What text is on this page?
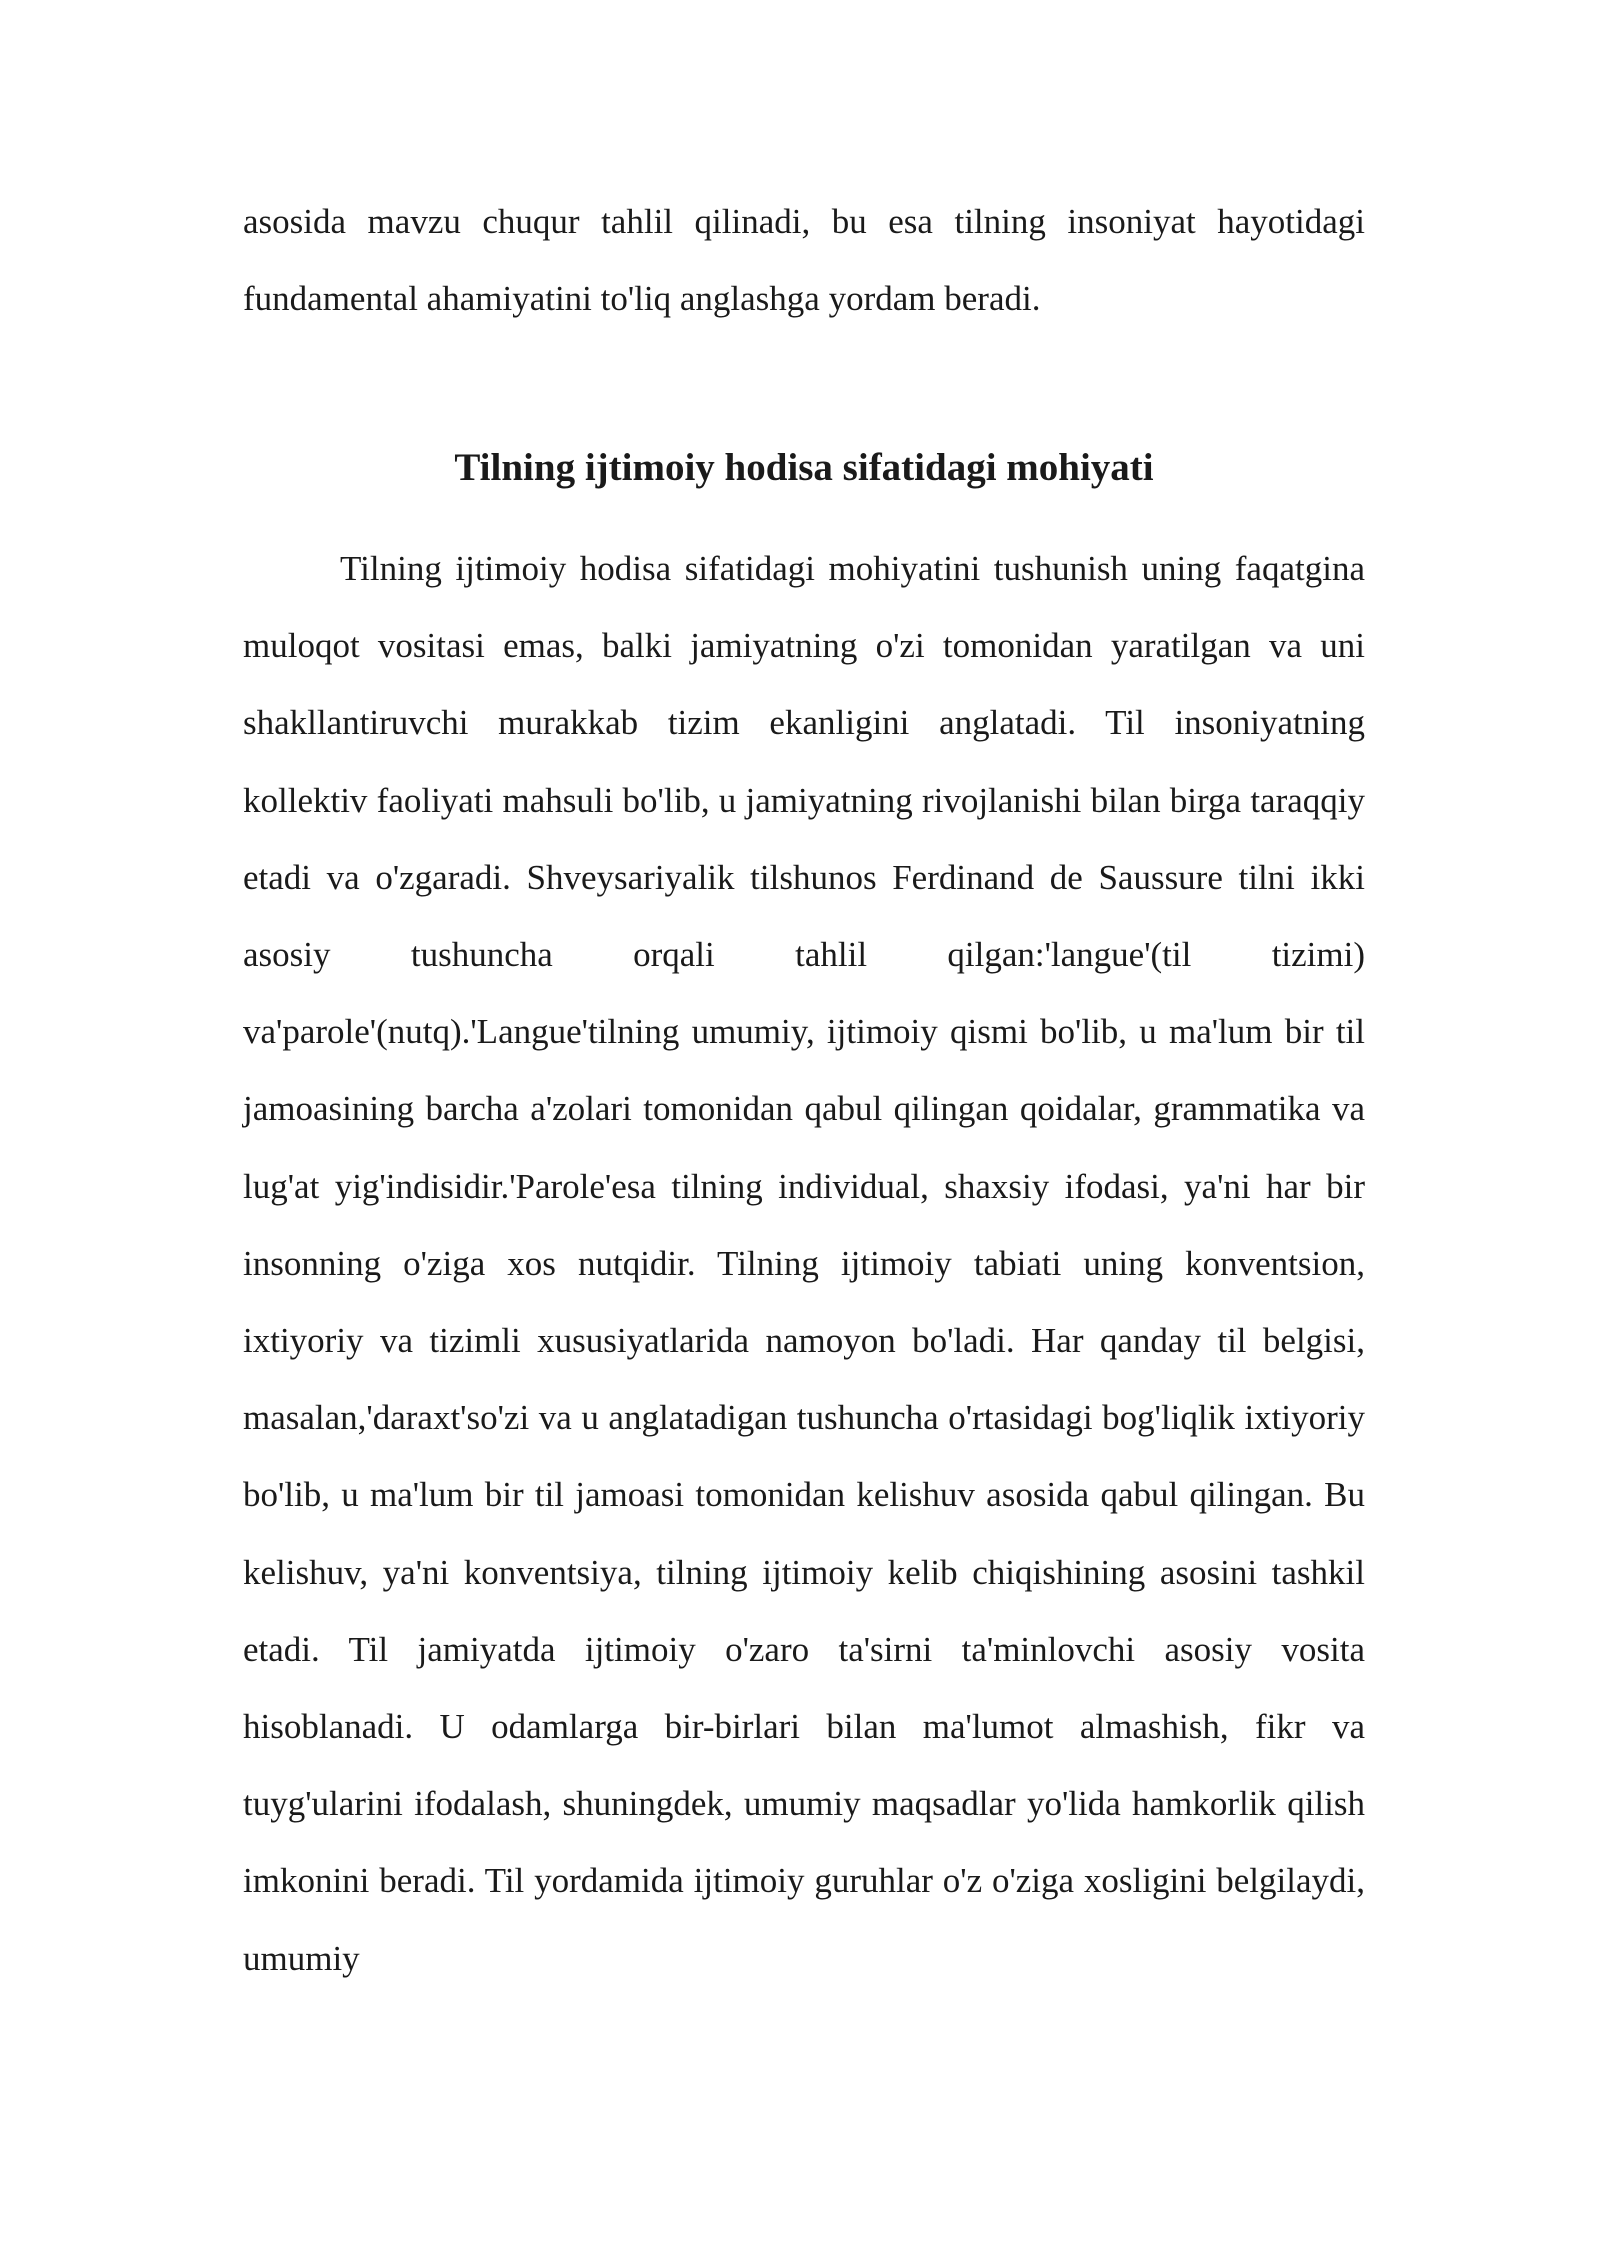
asosida mavzu chuqur tahlil qilinadi, bu esa tilning insoniyat hayotidagi fundamental ahamiyatini to'liq anglashga yordam beradi.

Tilning ijtimoiy hodisa sifatidagi mohiyati

Tilning ijtimoiy hodisa sifatidagi mohiyatini tushunish uning faqatgina muloqot vositasi emas, balki jamiyatning o'zi tomonidan yaratilgan va uni shakllantiruvchi murakkab tizim ekanligini anglatadi. Til insoniyatning kollektiv faoliyati mahsuli bo'lib, u jamiyatning rivojlanishi bilan birga taraqqiy etadi va o'zgaradi. Shveysariyalik tilshunos Ferdinand de Saussure tilni ikki asosiy tushuncha orqali tahlil qilgan:'langue'(til tizimi) va'parole'(nutq).'Langue'tilning umumiy, ijtimoiy qismi bo'lib, u ma'lum bir til jamoasining barcha a'zolari tomonidan qabul qilingan qoidalar, grammatika va lug'at yig'indisidir.'Parole'esa tilning individual, shaxsiy ifodasi, ya'ni har bir insonning o'ziga xos nutqidir. Tilning ijtimoiy tabiati uning konventsion, ixtiyoriy va tizimli xususiyatlarida namoyon bo'ladi. Har qanday til belgisi, masalan,'daraxt'so'zi va u anglatadigan tushuncha o'rtasidagi bog'liqlik ixtiyoriy bo'lib, u ma'lum bir til jamoasi tomonidan kelishuv asosida qabul qilingan. Bu kelishuv, ya'ni konventsiya, tilning ijtimoiy kelib chiqishining asosini tashkil etadi. Til jamiyatda ijtimoiy o'zaro ta'sirni ta'minlovchi asosiy vosita hisoblanadi. U odamlarga bir-birlari bilan ma'lumot almashish, fikr va tuyg'ularini ifodalash, shuningdek, umumiy maqsadlar yo'lida hamkorlik qilish imkonini beradi. Til yordamida ijtimoiy guruhlar o'z o'ziga xosligini belgilaydi, umumiy
